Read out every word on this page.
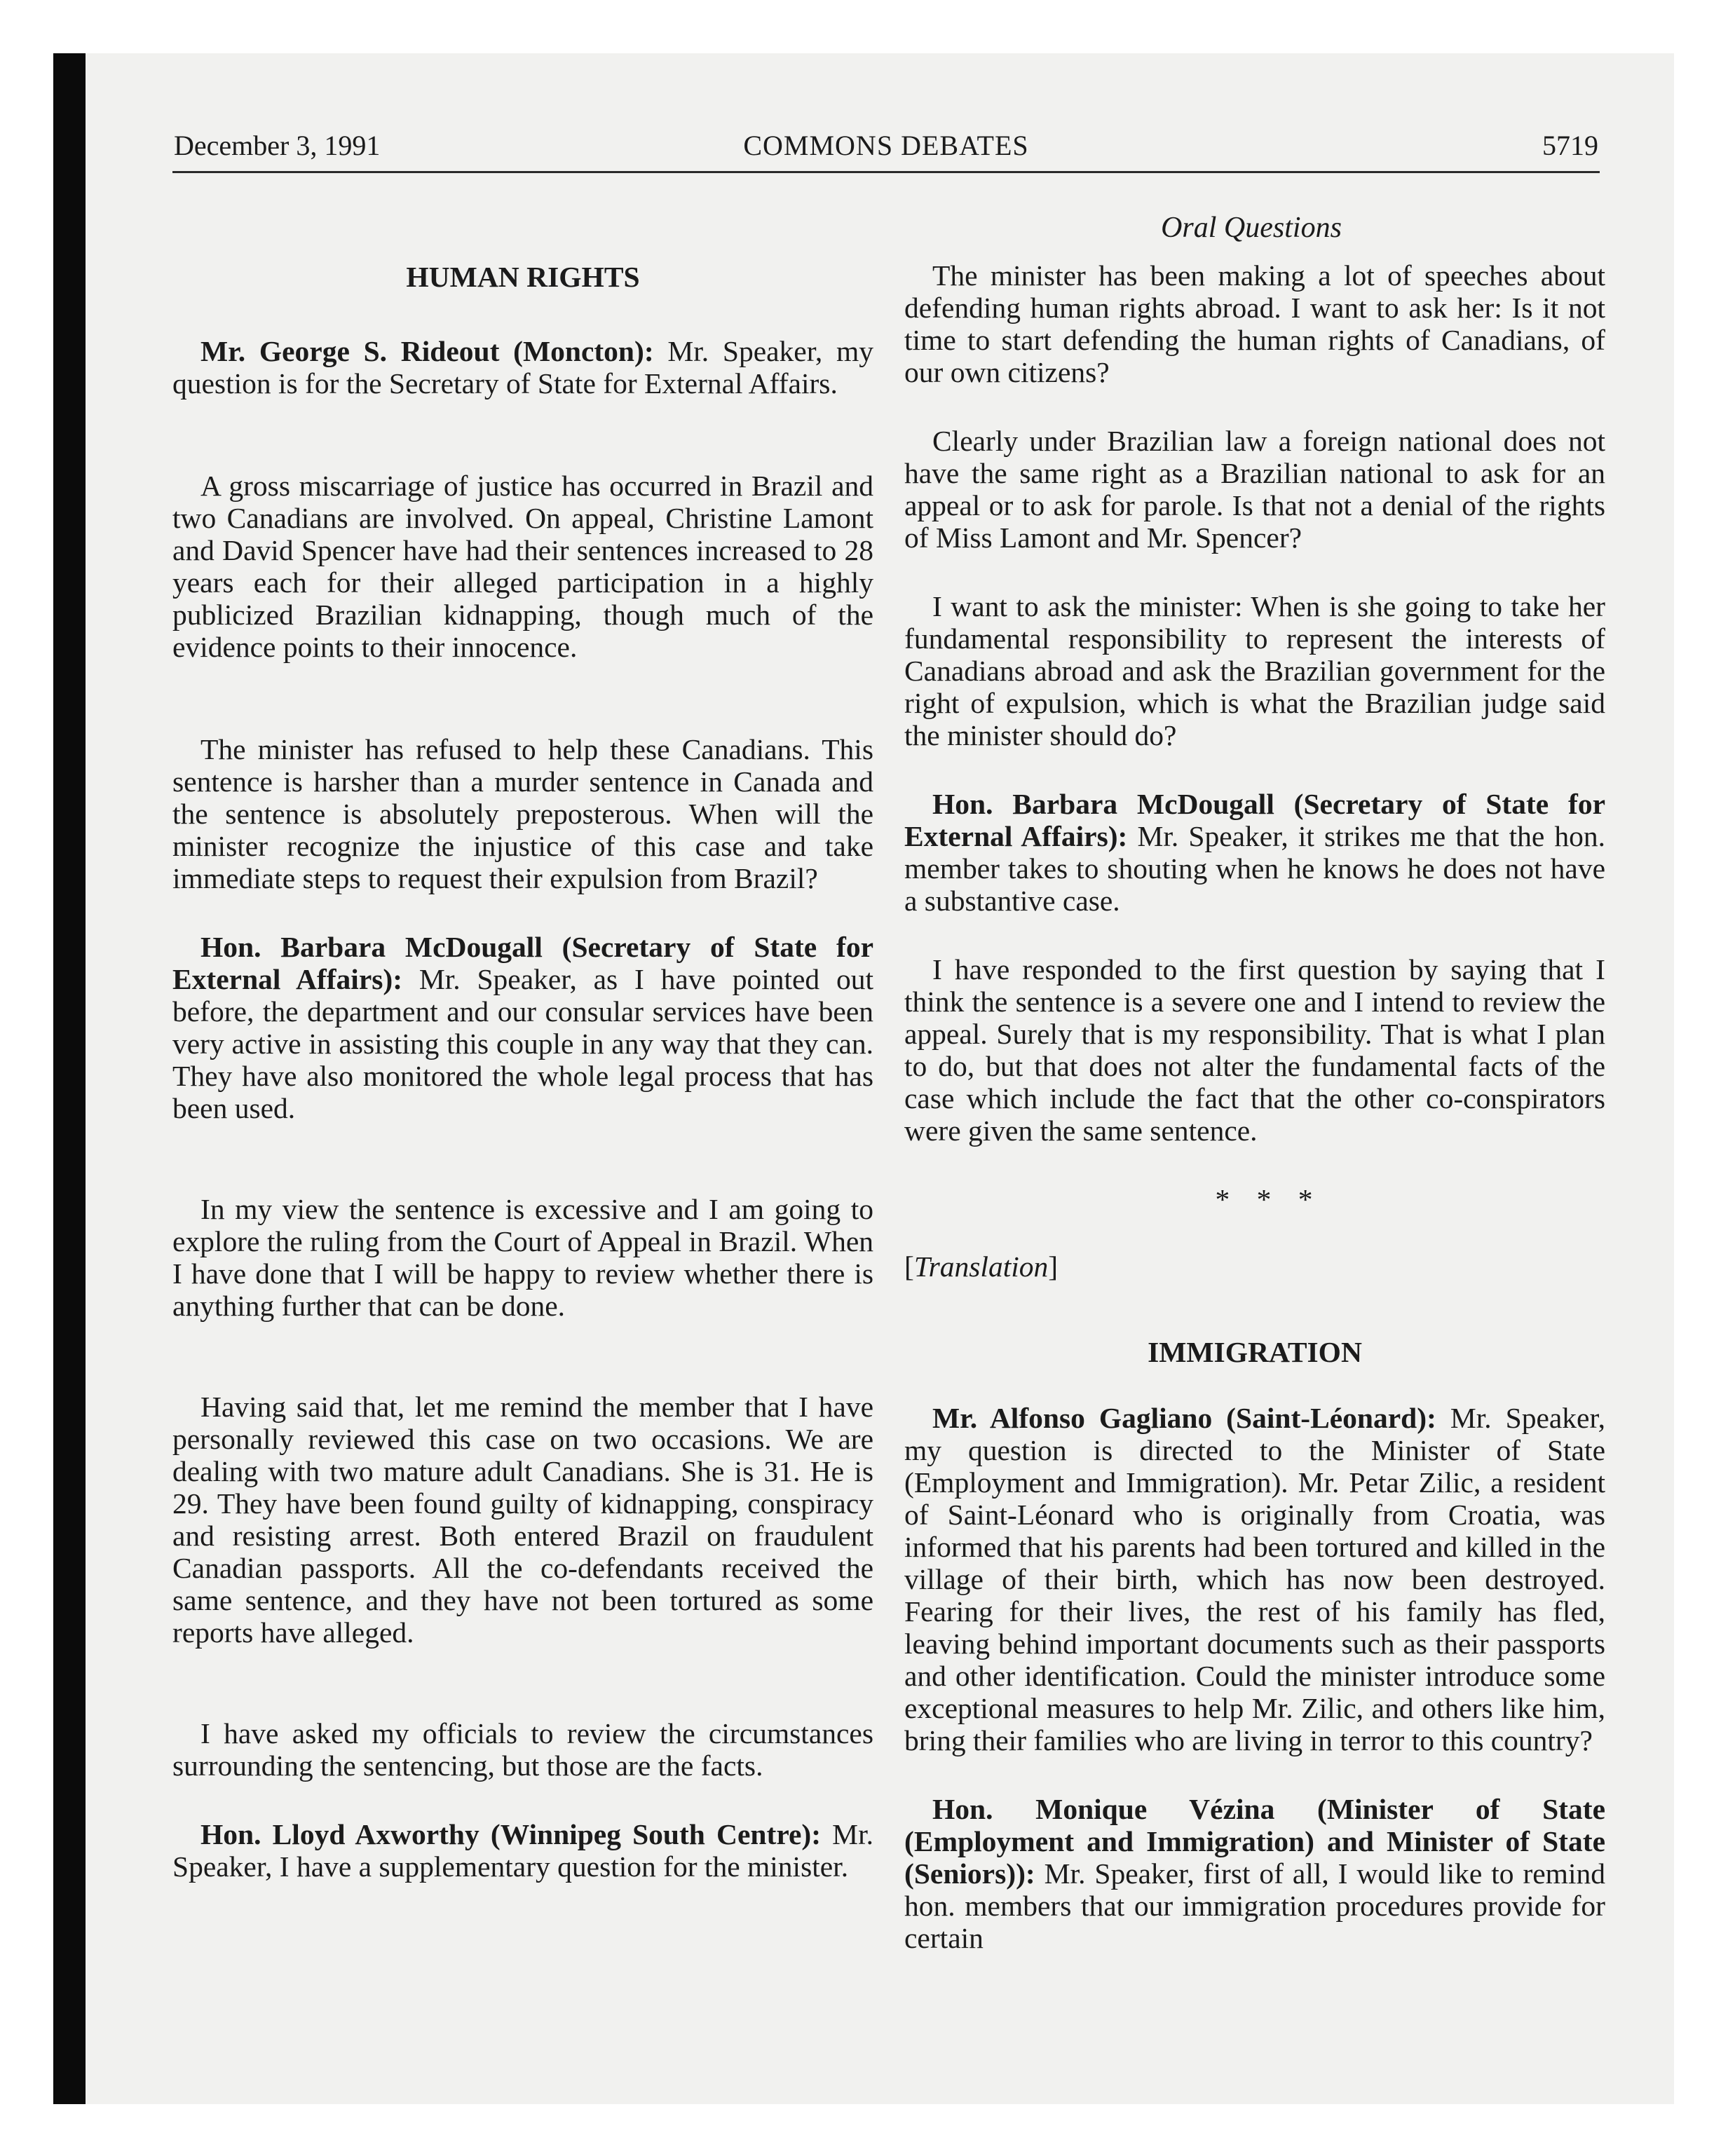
December 3, 1991	COMMONS DEBATES	5719
Oral Questions
HUMAN RIGHTS

Mr. George S. Rideout (Moncton): Mr. Speaker, my question is for the Secretary of State for External Affairs.

A gross miscarriage of justice has occurred in Brazil and two Canadians are involved. On appeal, Christine Lamont and David Spencer have had their sentences increased to 28 years each for their alleged participation in a highly publicized Brazilian kidnapping, though much of the evidence points to their innocence.

The minister has refused to help these Canadians. This sentence is harsher than a murder sentence in Canada and the sentence is absolutely preposterous. When will the minister recognize the injustice of this case and take immediate steps to request their expulsion from Brazil?

Hon. Barbara McDougall (Secretary of State for External Affairs): Mr. Speaker, as I have pointed out before, the department and our consular services have been very active in assisting this couple in any way that they can. They have also monitored the whole legal process that has been used.

In my view the sentence is excessive and I am going to explore the ruling from the Court of Appeal in Brazil. When I have done that I will be happy to review whether there is anything further that can be done.

Having said that, let me remind the member that I have personally reviewed this case on two occasions. We are dealing with two mature adult Canadians. She is 31. He is 29. They have been found guilty of kidnapping, conspiracy and resisting arrest. Both entered Brazil on fraudulent Canadian passports. All the co-defendants received the same sentence, and they have not been tortured as some reports have alleged.

I have asked my officials to review the circumstances surrounding the sentencing, but those are the facts.

Hon. Lloyd Axworthy (Winnipeg South Centre): Mr. Speaker, I have a supplementary question for the minister.

The minister has been making a lot of speeches about defending human rights abroad. I want to ask her: Is it not time to start defending the human rights of Canadians, of our own citizens?

Clearly under Brazilian law a foreign national does not have the same right as a Brazilian national to ask for an appeal or to ask for parole. Is that not a denial of the rights of Miss Lamont and Mr. Spencer?

I want to ask the minister: When is she going to take her fundamental responsibility to represent the interests of Canadians abroad and ask the Brazilian government for the right of expulsion, which is what the Brazilian judge said the minister should do?

Hon. Barbara McDougall (Secretary of State for External Affairs): Mr. Speaker, it strikes me that the hon. member takes to shouting when he knows he does not have a substantive case.

I have responded to the first question by saying that I think the sentence is a severe one and I intend to review the appeal. Surely that is my responsibility. That is what I plan to do, but that does not alter the fundamental facts of the case which include the fact that the other co-conspirators were given the same sentence.

* * *

[Translation]

IMMIGRATION

Mr. Alfonso Gagliano (Saint-Léonard): Mr. Speaker, my question is directed to the Minister of State (Employment and Immigration). Mr. Petar Zilic, a resident of Saint-Léonard who is originally from Croatia, was informed that his parents had been tortured and killed in the village of their birth, which has now been destroyed. Fearing for their lives, the rest of his family has fled, leaving behind important documents such as their passports and other identification. Could the minister introduce some exceptional measures to help Mr. Zilic, and others like him, bring their families who are living in terror to this country?

Hon. Monique Vézina (Minister of State (Employment and Immigration) and Minister of State (Seniors)): Mr. Speaker, first of all, I would like to remind hon. members that our immigration procedures provide for certain
